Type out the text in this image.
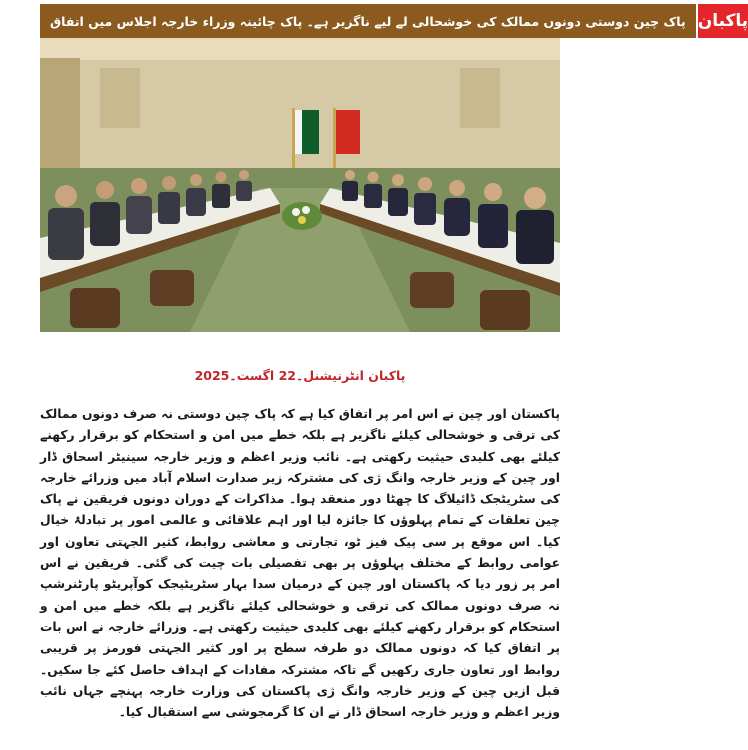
پاک چین دوستی دونوں ممالک کی خوشحالی لے لیے ناگزیر ہے۔ پاک چائینہ وزراء خارجہ اجلاس میں اتفاق پاکبان
پاکبان انٹرنیشنل۔22 اگست۔2025
پاکستان اور چین نے اس امر پر اتفاق کیا ہے کہ پاک چین دوستی نہ صرف دونوں ممالک کی ترقی و خوشحالی کیلئے ناگزیر ہے بلکہ خطے میں امن و استحکام کو برقرار رکھنے کیلئے بھی کلیدی حیثیت رکھتی ہے۔ نائب وزیر اعظم و وزیر خارجہ سینیٹر اسحاق ڈار اور چین کے وزیر خارجہ وانگ ژی کی مشترکہ زیر صدارت اسلام آباد میں وزرائے خارجہ کی سٹریٹجک ڈائیلاگ کا چھٹا دور منعقد ہوا۔ مذاکرات کے دوران دونوں فریقین نے پاک چین تعلقات کے تمام پہلوؤں کا جائزہ لیا اور اہم علاقائی و عالمی امور پر تبادلۂ خیال کیا۔ اس موقع پر سی پیک فیز ٹو، تجارتی و معاشی روابط، کثیر الجہتی تعاون اور عوامی روابط کے مختلف پہلوؤں پر بھی تفصیلی بات چیت کی گئی۔ فریقین نے اس امر پر زور دیا کہ پاکستان اور چین کے درمیان سدا بہار سٹریٹیجک کوآپریٹو پارٹنرشپ نہ صرف دونوں ممالک کی ترقی و خوشحالی کیلئے ناگزیر ہے بلکہ خطے میں امن و استحکام کو برقرار رکھنے کیلئے بھی کلیدی حیثیت رکھتی ہے۔ وزرائے خارجہ نے اس بات پر اتفاق کیا کہ دونوں ممالک دو طرفہ سطح پر اور کثیر الجہتی فورمز پر قریبی روابط اور تعاون جاری رکھیں گے تاکہ مشترکہ مفادات کے اہداف حاصل کئے جا سکیں۔ قبل ازیں چین کے وزیر خارجہ وانگ ژی پاکستان کی وزارت خارجہ پہنچے جہاں نائب وزیر اعظم و وزیر خارجہ اسحاق ڈار نے ان کا گرمجوشی سے استقبال کیا۔
